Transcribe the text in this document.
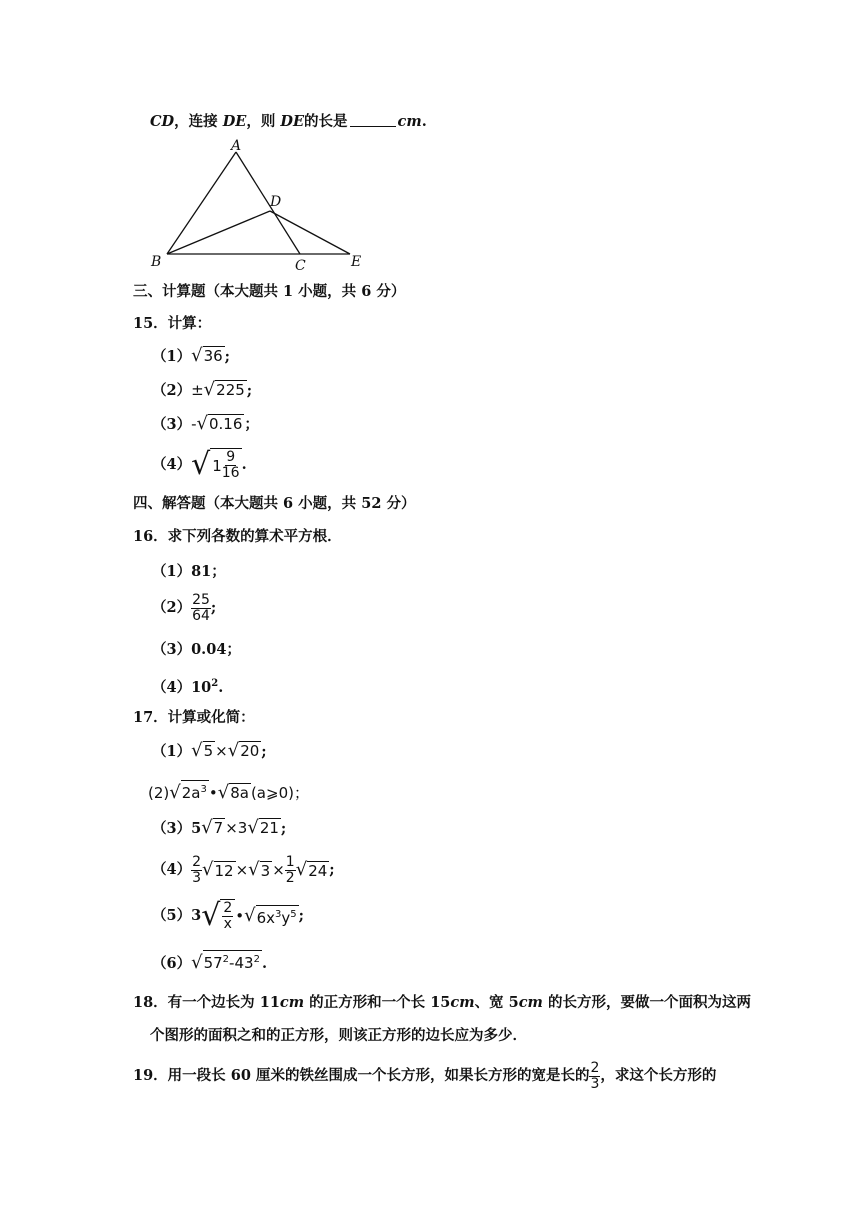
CD，连接 DE，则 DE的长是	cm.
A
B	C
D
E
三、计算题（本大题共 1 小题，共 6 分）
15．计算：
（1）√36 ;
（2）±√225 ;
（3）-√0.16 ；
（4） √ $1 \frac{9}{16}$ .
四、解答题（本大题共 6 小题，共 52 分）
16．求下列各数的算术平方根．
（1）81；
$(2) \frac{25}{64}$ ;
（3）0.04；
$(4)10^2$.
17．计算或化简：
（1）√5 ×√20 ;
$(2)√2a^3$ •√8a (a⩾0)；
（3）5√7 ×3√21 ;
$(4) \frac{2}{3}$ √ 12 × √ $3 \times \frac{1}{2}$ √ 24 ;
（5） 3 √ $\frac{2}{x}$ • √ $6x^3y^5$ ;
$(6)√57^2-43^2$ .
18．有一个边长为 11cm 的正方形和一个长 15cm、宽 5cm 的长方形，要做一个面积为这两
个图形的面积之和的正方形，则该正方形的边长应为多少．
19．用一段长 60 厘米的铁丝围成一个长方形，如果长方形的宽是长的 $\frac{2}{3}$ ，求这个长方形的
